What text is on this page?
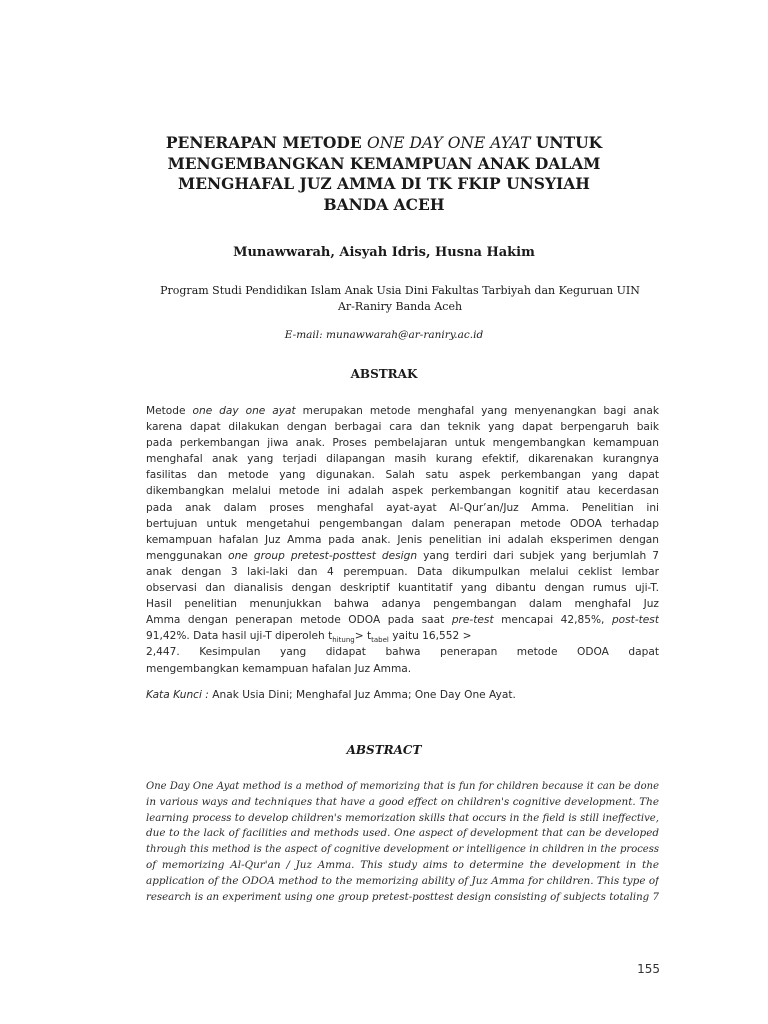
PENERAPAN METODE ONE DAY ONE AYAT UNTUK
MENGEMBANGKAN KEMAMPUAN ANAK DALAM
MENGHAFAL JUZ AMMA DI TK FKIP UNSYIAH
BANDA ACEH
Munawwarah, Aisyah Idris, Husna Hakim
Program Studi Pendidikan Islam Anak Usia Dini Fakultas Tarbiyah dan Keguruan UIN
Ar-Raniry Banda Aceh
E-mail: munawwarah@ar-raniry.ac.id
ABSTRAK
Metode one day one ayat merupakan metode menghafal yang menyenangkan bagi anak
karena dapat dilakukan dengan berbagai cara dan teknik yang dapat berpengaruh baik
pada perkembangan jiwa anak. Proses pembelajaran untuk mengembangkan kemampuan
menghafal anak yang terjadi dilapangan masih kurang efektif, dikarenakan kurangnya
fasilitas dan metode yang digunakan. Salah satu aspek perkembangan yang dapat
dikembangkan melalui metode ini adalah aspek perkembangan kognitif atau kecerdasan
pada anak dalam proses menghafal ayat-ayat Al-Qur’an/Juz Amma. Penelitian ini
bertujuan untuk mengetahui pengembangan dalam penerapan metode ODOA terhadap
kemampuan hafalan Juz Amma pada anak. Jenis penelitian ini adalah eksperimen dengan
menggunakan one group pretest-posttest design yang terdiri dari subjek yang berjumlah 7
anak dengan 3 laki-laki dan 4 perempuan. Data dikumpulkan melalui ceklist lembar
observasi dan dianalisis dengan deskriptif kuantitatif yang dibantu dengan rumus uji-T.
Hasil penelitian menunjukkan bahwa adanya pengembangan dalam menghafal Juz
Amma dengan penerapan metode ODOA pada saat pre-test mencapai 42,85%, post-test
91,42%. Data hasil uji-T diperoleh $t_{hitung}> t_{tabel}$ yaitu 16,552 >
2,447. Kesimpulan yang didapat bahwa penerapan metode ODOA dapat
mengembangkan kemampuan hafalan Juz Amma.
Kata Kunci : Anak Usia Dini; Menghafal Juz Amma; One Day One Ayat.
ABSTRACT
One Day One Ayat method is a method of memorizing that is fun for children because it can be done
in various ways and techniques that have a good effect on children's cognitive development. The
learning process to develop children's memorization skills that occurs in the field is still ineffective,
due to the lack of facilities and methods used. One aspect of development that can be developed
through this method is the aspect of cognitive development or intelligence in children in the process
of memorizing Al-Qur'an / Juz Amma. This study aims to determine the development in the
application of the ODOA method to the memorizing ability of Juz Amma for children. This type of
research is an experiment using one group pretest-posttest design consisting of subjects totaling 7
155
